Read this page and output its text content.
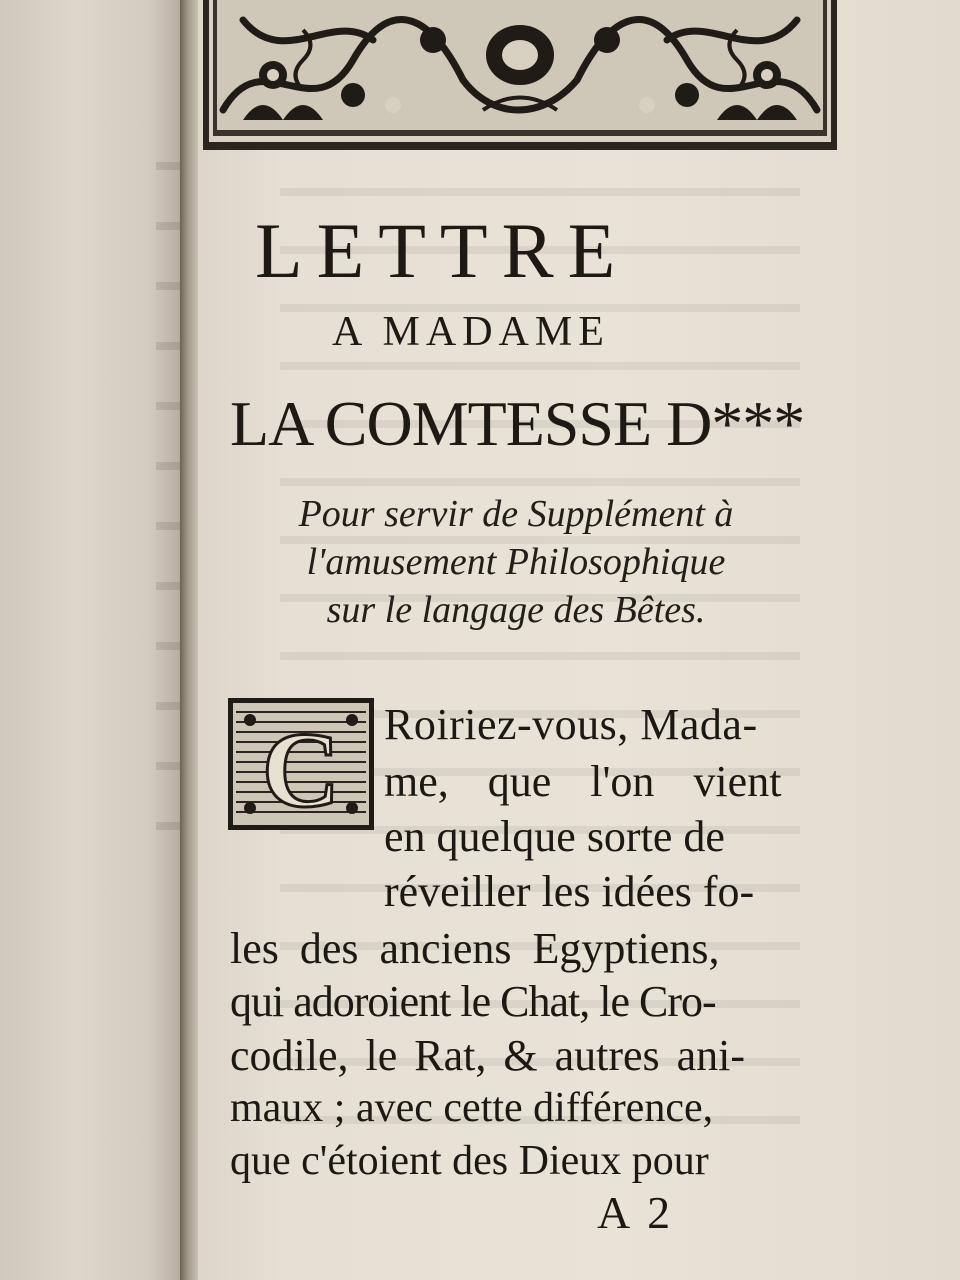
LETTRE
A MADAME
LA COMTESSE D***
Pour servir de Supplément à
l'amusement Philosophique
sur le langage des Bêtes.
C Roiriez-vous, Mada-
me, que l'on vient
en quelque sorte de
réveiller les idées fo-
les des anciens Egyptiens,
qui adoroient le Chat, le Cro-
codile, le Rat, & autres ani-
maux ; avec cette différence,
que c'étoient des Dieux pour
A 2
